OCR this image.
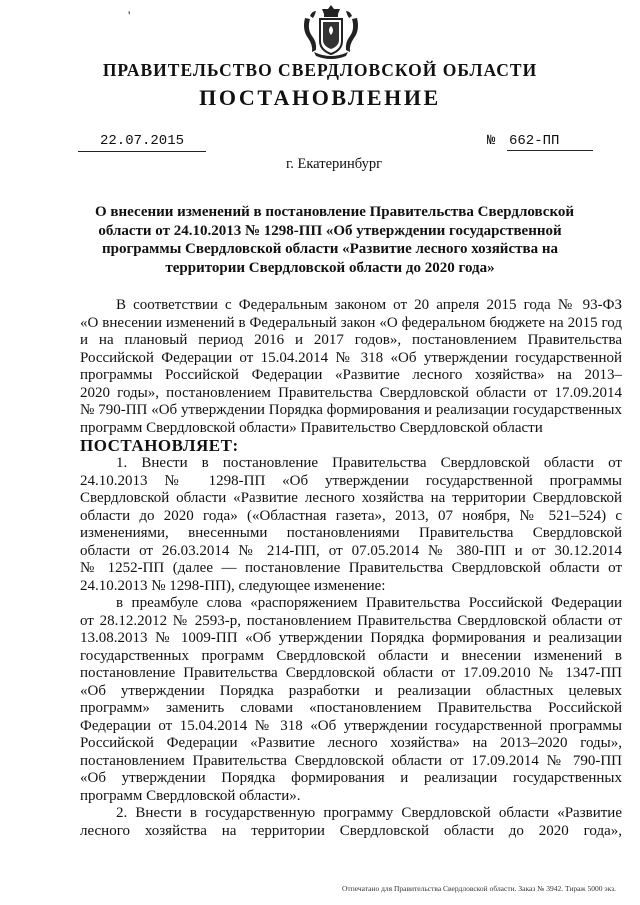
'
ПРАВИТЕЛЬСТВО СВЕРДЛОВСКОЙ ОБЛАСТИ
ПОСТАНОВЛЕНИЕ
22.07.2015	№ 662-ПП
г. Екатеринбург
О внесении изменений в постановление Правительства Свердловской
области от 24.10.2013 № 1298-ПП «Об утверждении государственной
программы Свердловской области «Развитие лесного хозяйства на
территории Свердловской области до 2020 года»
В соответствии с Федеральным законом от 20 апреля 2015 года № 93-ФЗ
«О внесении изменений в Федеральный закон «О федеральном бюджете на 2015 год
и на плановый период 2016 и 2017 годов», постановлением Правительства
Российской Федерации от 15.04.2014 № 318 «Об утверждении государственной
программы Российской Федерации «Развитие лесного хозяйства» на 2013–
2020 годы», постановлением Правительства Свердловской области от 17.09.2014
№ 790-ПП «Об утверждении Порядка формирования и реализации государственных
программ Свердловской области» Правительство Свердловской области
ПОСТАНОВЛЯЕТ:
1. Внести в постановление Правительства Свердловской области от
24.10.2013 № 1298-ПП «Об утверждении государственной программы
Свердловской области «Развитие лесного хозяйства на территории Свердловской
области до 2020 года» («Областная газета», 2013, 07 ноября, № 521–524) с
изменениями, внесенными постановлениями Правительства Свердловской
области от 26.03.2014 № 214-ПП, от 07.05.2014 № 380-ПП и от 30.12.2014
№ 1252-ПП (далее — постановление Правительства Свердловской области от
24.10.2013 № 1298-ПП), следующее изменение:
в преамбуле слова «распоряжением Правительства Российской Федерации
от 28.12.2012 № 2593-р, постановлением Правительства Свердловской области от
13.08.2013 № 1009-ПП «Об утверждении Порядка формирования и реализации
государственных программ Свердловской области и внесении изменений в
постановление Правительства Свердловской области от 17.09.2010 № 1347-ПП
«Об утверждении Порядка разработки и реализации областных целевых
программ» заменить словами «постановлением Правительства Российской
Федерации от 15.04.2014 № 318 «Об утверждении государственной программы
Российской Федерации «Развитие лесного хозяйства» на 2013–2020 годы»,
постановлением Правительства Свердловской области от 17.09.2014 № 790-ПП
«Об утверждении Порядка формирования и реализации государственных
программ Свердловской области».
2. Внести в государственную программу Свердловской области «Развитие
лесного хозяйства на территории Свердловской области до 2020 года»,
Отпечатано для Правительства Свердловской области. Заказ № 3942. Тираж 5000 экз.
